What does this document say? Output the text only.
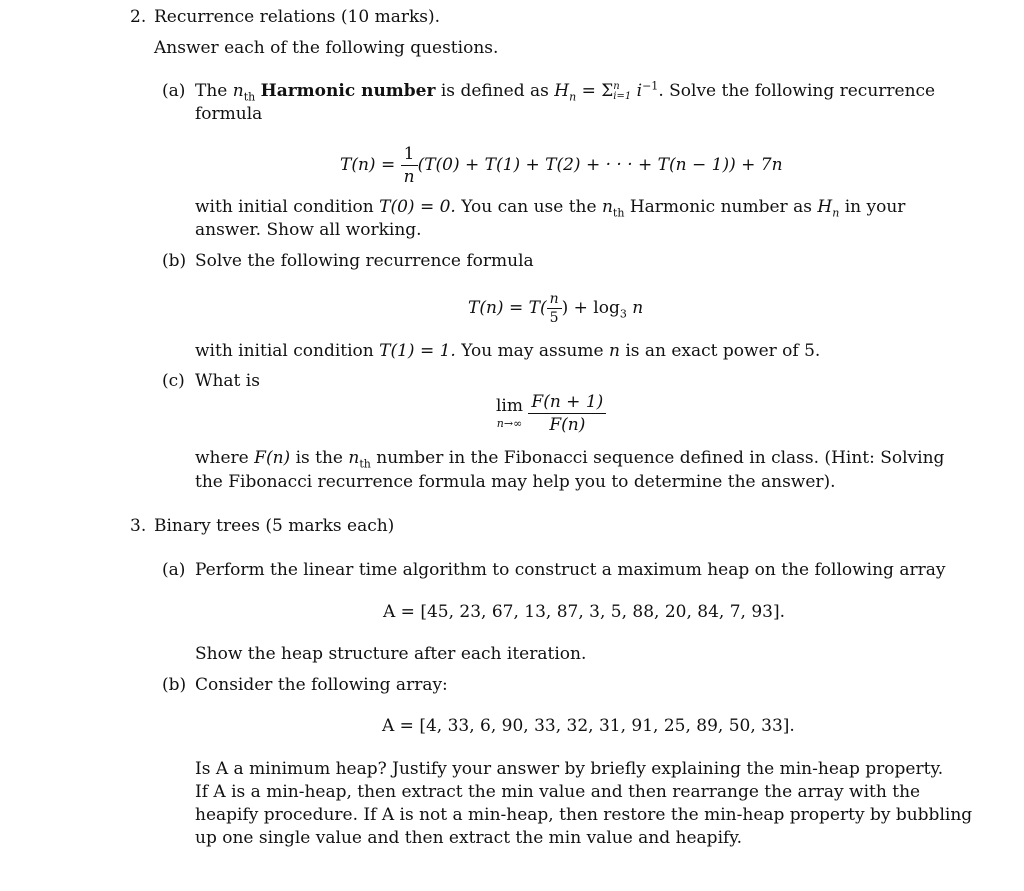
2. Recurrence relations (10 marks).
Answer each of the following questions.
(a) The $n_{th}$ Harmonic number is defined as $H_n = \Sigma$ n
i=1 $i^{-1}$. Solve the following recurrence
formula
$T(n) = \frac{1}{n} (T(0) + T(1) + T(2)$ + · · · + T(n − 1)) + 7n
with initial condition T(0) = 0. You can use the $n_{th}$ Harmonic number as $H_n$ in your
answer. Show all working.
(b) Solve the following recurrence formula
$T(n) = T( \frac{n}{5}$ ) + $\log_3 n$
with initial condition T(1) = 1. You may assume n is an exact power of 5.
(c) What is
lim
n→∞
$\frac{F(n + 1)}{F(n)}$
where F(n) is the $n_{th}$ number in the Fibonacci sequence defined in class. (Hint: Solving
the Fibonacci recurrence formula may help you to determine the answer).
3. Binary trees (5 marks each)
(a) Perform the linear time algorithm to construct a maximum heap on the following array
A = [45, 23, 67, 13, 87, 3, 5, 88, 20, 84, 7, 93].
Show the heap structure after each iteration.
(b) Consider the following array:
A = [4, 33, 6, 90, 33, 32, 31, 91, 25, 89, 50, 33].
Is A a minimum heap? Justify your answer by briefly explaining the min-heap property.
If A is a min-heap, then extract the min value and then rearrange the array with the
heapify procedure. If A is not a min-heap, then restore the min-heap property by bubbling
up one single value and then extract the min value and heapify.
